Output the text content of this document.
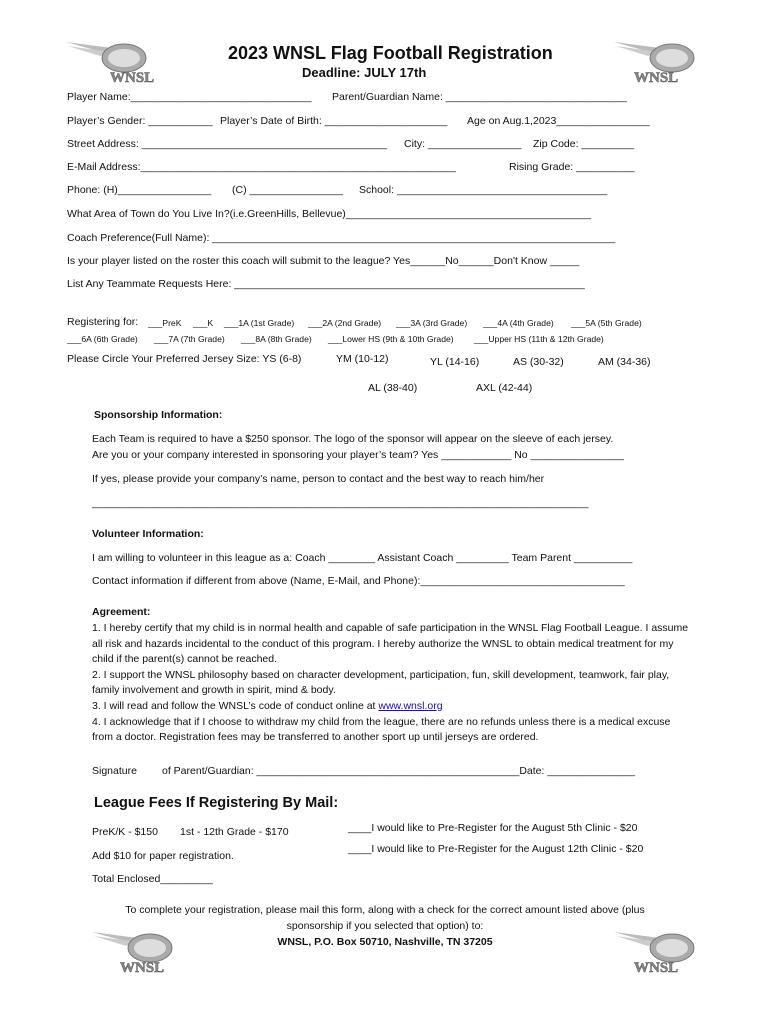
WNSL	WNSL
WNSL	WNSL
2023 WNSL Flag Football Registration
Deadline: JULY 17th
Player Name:_______________________________ Parent/Guardian Name: _______________________________
Player’s Gender: ___________ Player’s Date of Birth: _____________________ Age on Aug.1,2023________________
Street Address: __________________________________________ City: ________________ Zip Code: _________
E-Mail Address:______________________________________________________	Rising Grade: __________
Phone: (H)________________ (C) ________________ School: ____________________________________
What Area of Town do You Live In?(i.e.GreenHills, Bellevue)__________________________________________
Coach Preference(Full Name): _____________________________________________________________________
Is your player listed on the roster this coach will submit to the league? Yes______No______Don't Know _____
List Any Teammate Requests Here: ____________________________________________________________
Registering for: ___PreK ___K ___1A (1st Grade) ___2A (2nd Grade) ___3A (3rd Grade) ___4A (4th Grade) ___5A (5th Grade)
___6A (6th Grade) ___7A (7th Grade) ___8A (8th Grade) ___Lower HS (9th & 10th Grade) ___Upper HS (11th & 12th Grade)
Please Circle Your Preferred Jersey Size: YS (6-8)	YM (10-12)	YL (14-16)	AS (30-32)	AM (34-36)
AL (38-40)	AXL (42-44)
Sponsorship Information:
Each Team is required to have a $250 sponsor. The logo of the sponsor will appear on the sleeve of each jersey.
Are you or your company interested in sponsoring your player’s team? Yes ____________ No ________________
If yes, please provide your company’s name, person to contact and the best way to reach him/her
_____________________________________________________________________________________
Volunteer Information:
I am willing to volunteer in this league as a: Coach ________ Assistant Coach _________ Team Parent __________
Contact information if different from above (Name, E-Mail, and Phone):___________________________________
Agreement:
1. I hereby certify that my child is in normal health and capable of safe participation in the WNSL Flag Football League. I assume all risk and hazards incidental to the conduct of this program. I hereby authorize the WNSL to obtain medical treatment for my child if the parent(s) cannot be reached.
2. I support the WNSL philosophy based on character development, participation, fun, skill development, teamwork, fair play, family involvement and growth in spirit, mind & body.
3. I will read and follow the WNSL’s code of conduct online at www.wnsl.org
4. I acknowledge that if I choose to withdraw my child from the league, there are no refunds unless there is a medical excuse from a doctor. Registration fees may be transferred to another sport up until jerseys are ordered.
Signature of Parent/Guardian: _____________________________________________Date: _______________
League Fees If Registering By Mail:
PreK/K - $150 1st - 12th Grade - $170
Add $10 for paper registration.
Total Enclosed_________
____I would like to Pre-Register for the August 5th Clinic - $20
____I would like to Pre-Register for the August 12th Clinic - $20
To complete your registration, please mail this form, along with a check for the correct amount listed above (plus
sponsorship if you selected that option) to:
WNSL, P.O. Box 50710, Nashville, TN 37205
